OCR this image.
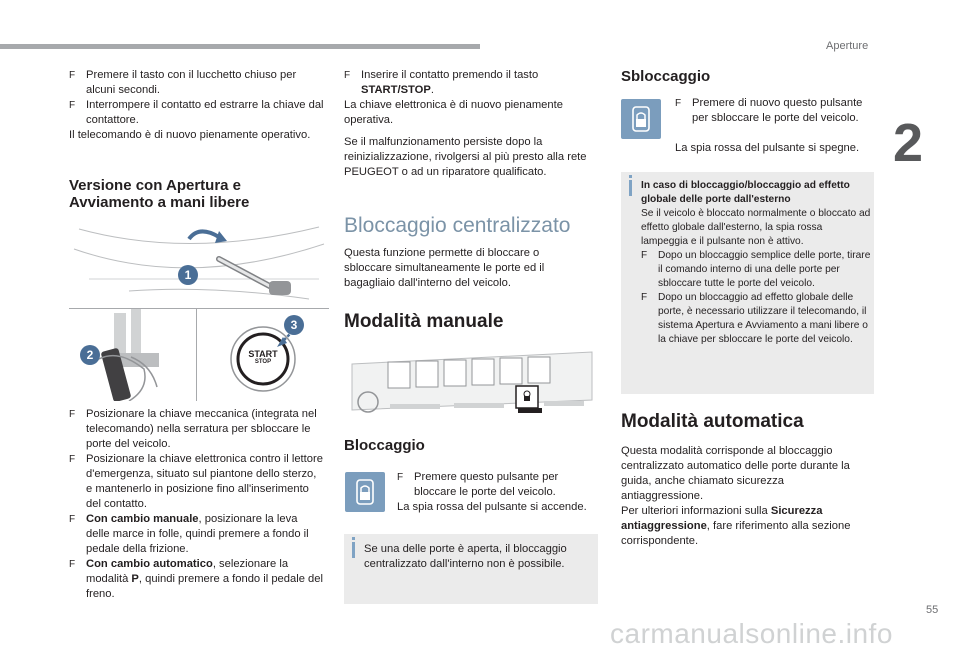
Aperture
2
F Premere il tasto con il lucchetto chiuso per alcuni secondi.
F Interrompere il contatto ed estrarre la chiave dal contattore.

Il telecomando è di nuovo pienamente operativo.

Versione con Apertura e
Avviamento a mani libere
1
2	START
STOP
3
F Posizionare la chiave meccanica (integrata nel telecomando) nella serratura per sbloccare le porte del veicolo.
F Posizionare la chiave elettronica contro il lettore d'emergenza, situato sul piantone dello sterzo, e mantenerlo in posizione fino all'inserimento del contatto.
F Con cambio manuale, posizionare la leva delle marce in folle, quindi premere a fondo il pedale della frizione.
F Con cambio automatico, selezionare la modalità P, quindi premere a fondo il pedale del freno.
F Inserire il contatto premendo il tasto START/STOP.

La chiave elettronica è di nuovo pienamente operativa.

Se il malfunzionamento persiste dopo la reinizializzazione, rivolgersi al più presto alla rete PEUGEOT o ad un riparatore qualificato.

Bloccaggio centralizzato
Questa funzione permette di bloccare o sbloccare simultaneamente le porte ed il bagagliaio dall'interno del veicolo.
Modalità manuale
Bloccaggio
F Premere questo pulsante per bloccare le porte del veicolo.

La spia rossa del pulsante si accende.

Se una delle porte è aperta, il bloccaggio centralizzato dall'interno non è possibile.
Sbloccaggio
F Premere di nuovo questo pulsante per sbloccare le porte del veicolo.
La spia rossa del pulsante si spegne.
In caso di bloccaggio/bloccaggio ad effetto globale delle porte dall'esterno
Se il veicolo è bloccato normalmente o bloccato ad effetto globale dall'esterno, la spia rossa lampeggia e il pulsante non è attivo.
F Dopo un bloccaggio semplice delle porte, tirare il comando interno di una delle porte per sbloccare tutte le porte del veicolo.
F Dopo un bloccaggio ad effetto globale delle porte, è necessario utilizzare il telecomando, il sistema Apertura e Avviamento a mani libere o la chiave per sbloccare le porte del veicolo.
Modalità automatica

Questa modalità corrisponde al bloccaggio centralizzato automatico delle porte durante la guida, anche chiamato sicurezza antiaggressione.

Per ulteriori informazioni sulla Sicurezza antiaggressione, fare riferimento alla sezione corrispondente.

55
carmanualsonline.info
